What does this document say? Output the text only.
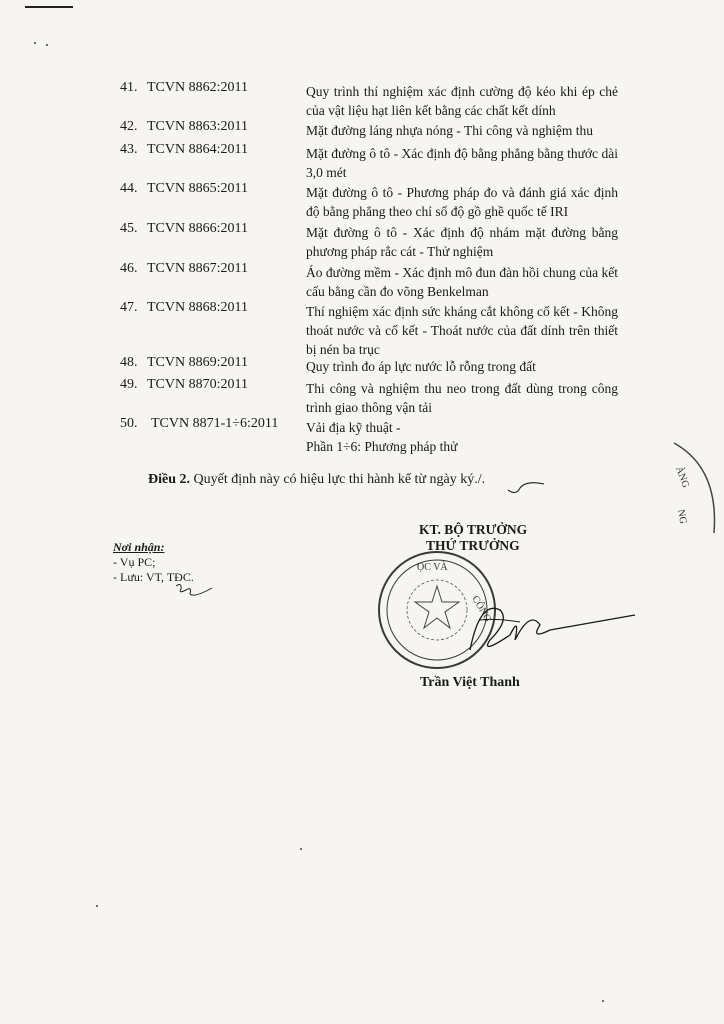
41. TCVN 8862:2011	Quy trình thí nghiệm xác định cường độ kéo khi ép chẻ của vật liệu hạt liên kết bằng các chất kết dính
42. TCVN 8863:2011	Mặt đường láng nhựa nóng - Thi công và nghiệm thu
43. TCVN 8864:2011	Mặt đường ô tô - Xác định độ bằng phẳng bằng thước dài 3,0 mét
44. TCVN 8865:2011	Mặt đường ô tô - Phương pháp đo và đánh giá xác định độ bằng phẳng theo chỉ số độ gồ ghề quốc tế IRI
45. TCVN 8866:2011	Mặt đường ô tô - Xác định độ nhám mặt đường bằng phương pháp rắc cát - Thử nghiệm
46. TCVN 8867:2011	Áo đường mềm - Xác định mô đun đàn hồi chung của kết cấu bằng cần đo võng Benkelman
47. TCVN 8868:2011	Thí nghiệm xác định sức kháng cắt không cố kết - Không thoát nước và cố kết - Thoát nước của đất dính trên thiết bị nén ba trục
48. TCVN 8869:2011	Quy trình đo áp lực nước lỗ rỗng trong đất
49. TCVN 8870:2011	Thi công và nghiệm thu neo trong đất dùng trong công trình giao thông vận tải
50. TCVN 8871-1÷6:2011 Vải địa kỹ thuật -
Phần 1÷6: Phương pháp thử
Điều 2. Quyết định này có hiệu lực thi hành kể từ ngày ký./.
Nơi nhận:
- Vụ PC;
- Lưu: VT, TĐC.
KT. BỘ TRƯỞNG
THỨ TRƯỞNG
ỌC VÀ
CÔNG
Trần Việt Thanh
ÀNG
NG
